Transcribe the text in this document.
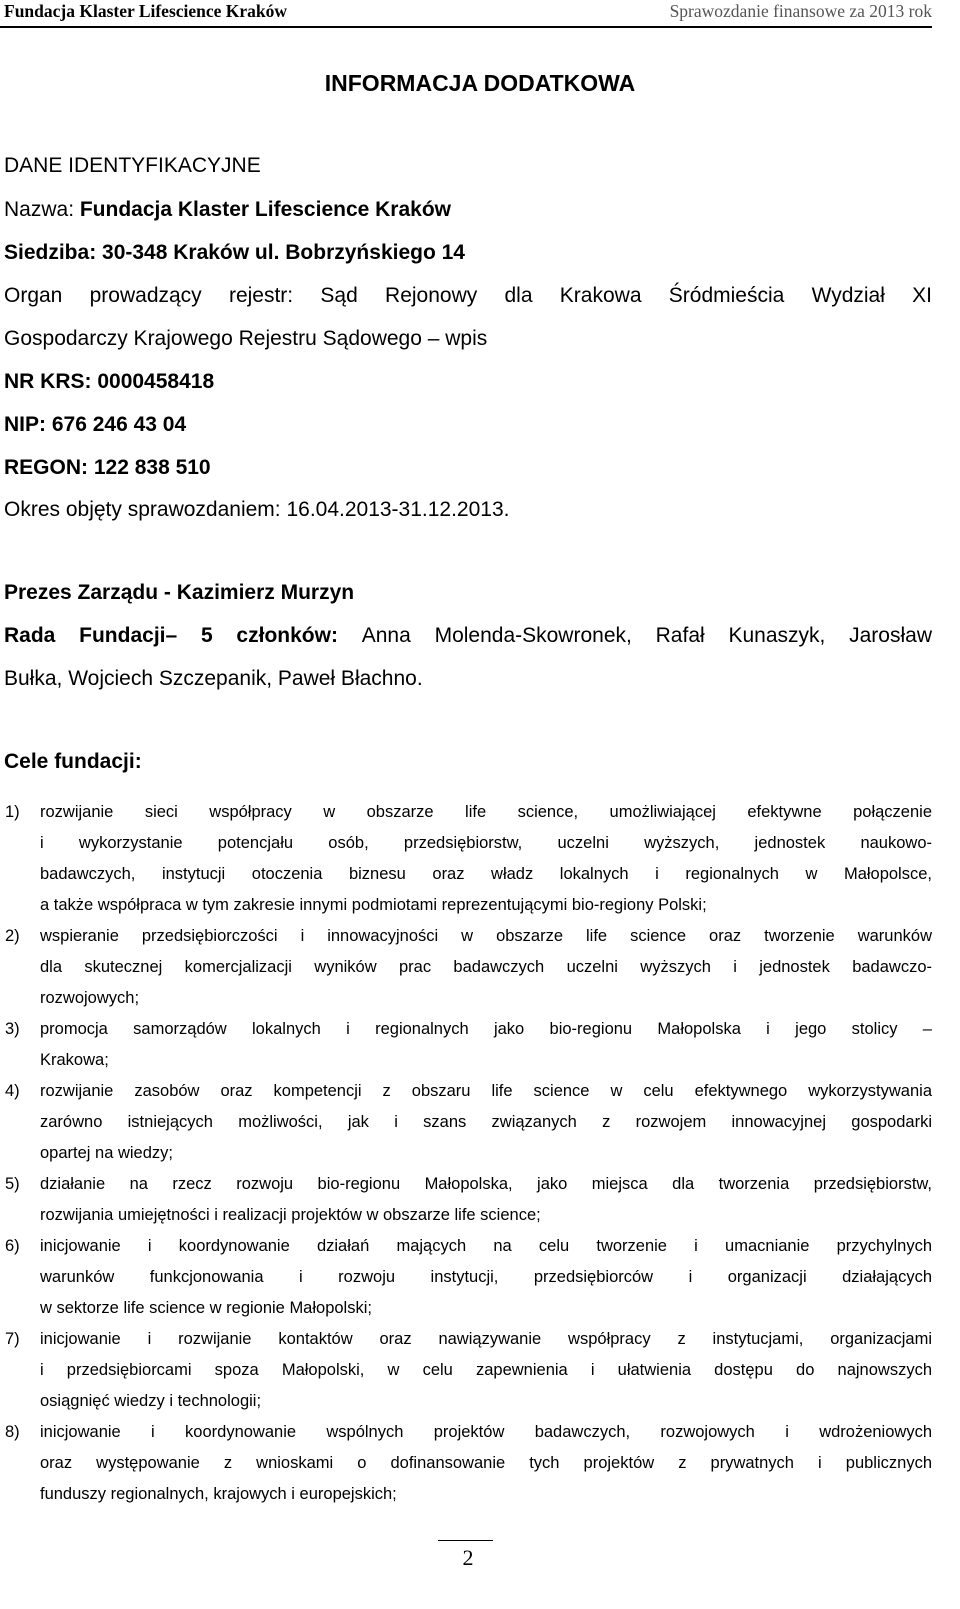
Fundacja Klaster Lifescience Kraków	Sprawozdanie finansowe za 2013 rok
INFORMACJA DODATKOWA
DANE IDENTYFIKACYJNE
Nazwa: Fundacja Klaster Lifescience Kraków
Siedziba: 30-348 Kraków ul. Bobrzyńskiego 14
Organ prowadzący rejestr: Sąd Rejonowy dla Krakowa Śródmieścia Wydział XI
Gospodarczy Krajowego Rejestru Sądowego – wpis
NR KRS: 0000458418
NIP: 676 246 43 04
REGON: 122 838 510
Okres objęty sprawozdaniem: 16.04.2013-31.12.2013.
Prezes Zarządu - Kazimierz Murzyn
Rada Fundacji– 5 członków: Anna Molenda-Skowronek, Rafał Kunaszyk, Jarosław
Bułka, Wojciech Szczepanik, Paweł Błachno.
Cele fundacji:
1) rozwijanie sieci współpracy w obszarze life science, umożliwiającej efektywne połączenie
i wykorzystanie potencjału osób, przedsiębiorstw, uczelni wyższych, jednostek naukowo-
badawczych, instytucji otoczenia biznesu oraz władz lokalnych i regionalnych w Małopolsce,
a także współpraca w tym zakresie innymi podmiotami reprezentującymi bio-regiony Polski;
2) wspieranie przedsiębiorczości i innowacyjności w obszarze life science oraz tworzenie warunków
dla skutecznej komercjalizacji wyników prac badawczych uczelni wyższych i jednostek badawczo-
rozwojowych;
3) promocja samorządów lokalnych i regionalnych jako bio-regionu Małopolska i jego stolicy –
Krakowa;
4) rozwijanie zasobów oraz kompetencji z obszaru life science w celu efektywnego wykorzystywania
zarówno istniejących możliwości, jak i szans związanych z rozwojem innowacyjnej gospodarki
opartej na wiedzy;
5) działanie na rzecz rozwoju bio-regionu Małopolska, jako miejsca dla tworzenia przedsiębiorstw,
rozwijania umiejętności i realizacji projektów w obszarze life science;
6) inicjowanie i koordynowanie działań mających na celu tworzenie i umacnianie przychylnych
warunków funkcjonowania i rozwoju instytucji, przedsiębiorców i organizacji działających
w sektorze life science w regionie Małopolski;
7) inicjowanie i rozwijanie kontaktów oraz nawiązywanie współpracy z instytucjami, organizacjami
i przedsiębiorcami spoza Małopolski, w celu zapewnienia i ułatwienia dostępu do najnowszych
osiągnięć wiedzy i technologii;
8) inicjowanie i koordynowanie wspólnych projektów badawczych, rozwojowych i wdrożeniowych
oraz występowanie z wnioskami o dofinansowanie tych projektów z prywatnych i publicznych
funduszy regionalnych, krajowych i europejskich;
2
